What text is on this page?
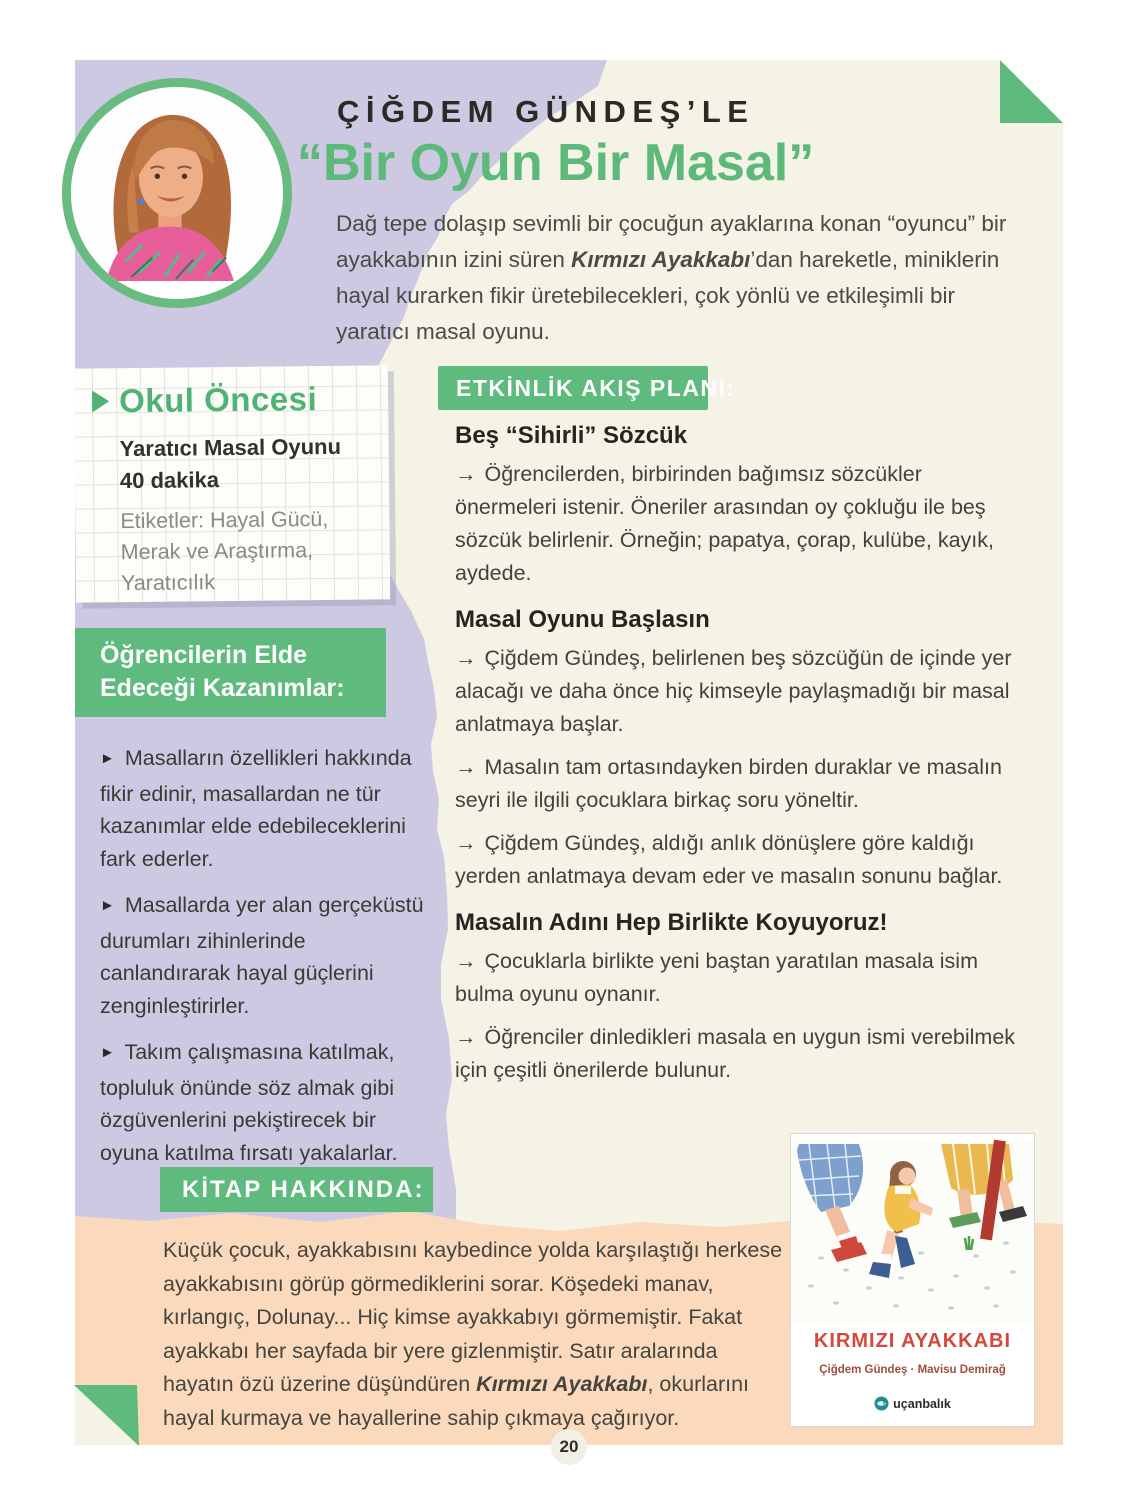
ÇİĞDEM GÜNDEŞ’LE
“Bir Oyun Bir Masal”
Dağ tepe dolaşıp sevimli bir çocuğun ayaklarına konan “oyuncu” bir ayakkabının izini süren Kırmızı Ayakkabı’dan hareketle, miniklerin hayal kurarken fikir üretebilecekleri, çok yönlü ve etkileşimli bir yaratıcı masal oyunu.
Okul Öncesi
Yaratıcı Masal Oyunu
40 dakika
Etiketler: Hayal Gücü, Merak ve Araştırma, Yaratıcılık
Öğrencilerin Elde
Edeceği Kazanımlar:
► Masalların özellikleri hakkında fikir edinir, masallardan ne tür kazanımlar elde edebileceklerini fark ederler.
► Masallarda yer alan gerçeküstü durumları zihinlerinde canlandırarak hayal güçlerini zenginleştirirler.
► Takım çalışmasına katılmak, topluluk önünde söz almak gibi özgüvenlerini pekiştirecek bir oyuna katılma fırsatı yakalarlar.
ETKİNLİK AKIŞ PLANI:
Beş “Sihirli” Sözcük

→ Öğrencilerden, birbirinden bağımsız sözcükler önermeleri istenir. Öneriler arasından oy çokluğu ile beş sözcük belirlenir. Örneğin; papatya, çorap, kulübe, kayık, aydede.

Masal Oyunu Başlasın

→ Çiğdem Gündeş, belirlenen beş sözcüğün de içinde yer alacağı ve daha önce hiç kimseyle paylaşmadığı bir masal anlatmaya başlar.

→ Masalın tam ortasındayken birden duraklar ve masalın seyri ile ilgili çocuklara birkaç soru yöneltir.

→ Çiğdem Gündeş, aldığı anlık dönüşlere göre kaldığı yerden anlatmaya devam eder ve masalın sonunu bağlar.

Masalın Adını Hep Birlikte Koyuyoruz!

→ Çocuklarla birlikte yeni baştan yaratılan masala isim bulma oyunu oynanır.

→ Öğrenciler dinledikleri masala en uygun ismi verebilmek için çeşitli önerilerde bulunur.

KİTAP HAKKINDA:
Küçük çocuk, ayakkabısını kaybedince yolda karşılaştığı herkese ayakkabısını görüp görmediklerini sorar. Köşedeki manav, kırlangıç, Dolunay... Hiç kimse ayakkabıyı görmemiştir. Fakat ayakkabı her sayfada bir yere gizlenmiştir. Satır aralarında hayatın özü üzerine düşündüren Kırmızı Ayakkabı, okurlarını hayal kurmaya ve hayallerine sahip çıkmaya çağırıyor.
KIRMIZI AYAKKABI
Çiğdem Gündeş · Mavisu Demirağ
uçanbalık
20
